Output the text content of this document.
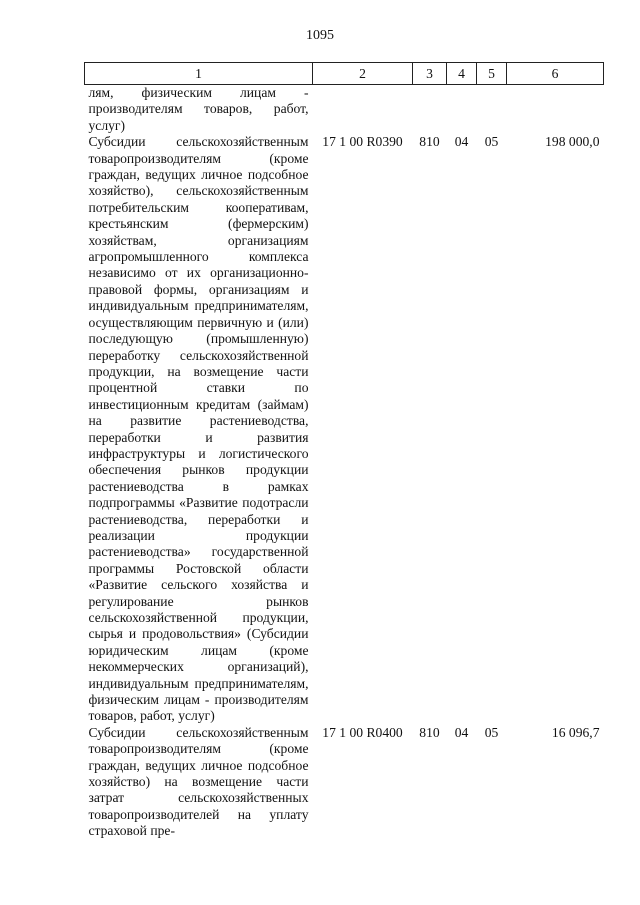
1095
1	2	3	4	5	6
лям, физическим лицам - производителям товаров, работ, услуг)					
Субсидии сельскохозяйственным товаропроизводителям (кроме граждан, ведущих личное подсобное хозяйство), сельскохозяйственным потребительским кооперативам, крестьянским (фермерским) хозяйствам, организациям агропромышленного комплекса независимо от их организационно-правовой формы, организациям и индивидуальным предпринимателям, осуществляющим первичную и (или) последующую (промышленную) переработку сельскохозяйственной продукции, на возмещение части процентной ставки по инвестиционным кредитам (займам) на развитие растениеводства, переработки и развития инфраструктуры и логистического обеспечения рынков продукции растениеводства в рамках подпрограммы «Развитие подотрасли растениеводства, переработки и реализации продукции растениеводства» государственной программы Ростовской области «Развитие сельского хозяйства и регулирование рынков сельскохозяйственной продукции, сырья и продовольствия» (Субсидии юридическим лицам (кроме некоммерческих организаций), индивидуальным предпринимателям, физическим лицам - производителям товаров, работ, услуг)	17 1 00 R0390	810	04	05	198 000,0
Субсидии сельскохозяйственным товаропроизводителям (кроме граждан, ведущих личное подсобное хозяйство) на возмещение части затрат сельскохозяйственных товаропроизводителей на уплату страховой пре-	17 1 00 R0400	810	04	05	16 096,7
